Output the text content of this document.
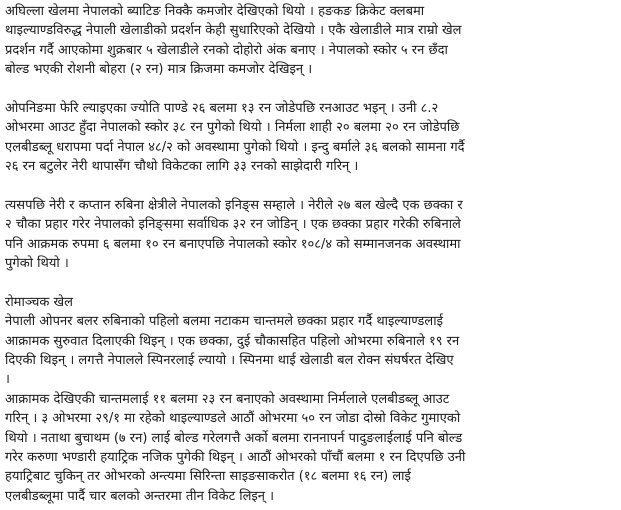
अघिल्ला खेलमा नेपालको ब्याटिङ निक्कै कमजोर देखिएको थियो । हङकङ क्रिकेट क्लबमा
थाइल्याण्डविरुद्ध नेपाली खेलाडीको प्रदर्शन केही सुधारिएको देखियो । एकै खेलाडीले मात्र राम्रो खेल
प्रदर्शन गर्दै आएकोमा शुक्रबार ५ खेलाडीले रनको दोहोरो अंक बनाए । नेपालको स्कोर ५ रन छँदा
बोल्ड भएकी रोशनी बोहरा (२ रन) मात्र क्रिजमा कमजोर देखिइन् ।

ओपनिङमा फेरि ल्याइएका ज्योति पाण्डे २६ बलमा १३ रन जोडेपछि रनआउट भइन् । उनी ८.२
ओभरमा आउट हुँदा नेपालको स्कोर ३८ रन पुगेको थियो । निर्मला शाही २० बलमा २० रन जोडेपछि
एलबीडब्लू धरापमा पर्दा नेपाल ४८/२ को अवस्थामा पुगेको थियो । इन्दु बर्माले ३६ बलको सामना गर्दै
२६ रन बटुलेर नेरी थापासँग चौथो विकेटका लागि ३३ रनको साझेदारी गरिन् ।

त्यसपछि नेरी र कप्तान रुबिना क्षेत्रीले नेपालको इनिङ्स सम्हाले । नेरीले २७ बल खेल्दै एक छक्का र
२ चौका प्रहार गरेर नेपालको इनिङ्समा सर्वाधिक ३२ रन जोडिन् । एक छक्का प्रहार गरेकी रुबिनाले
पनि आक्रमक रुपमा ६ बलमा १० रन बनाएपछि नेपालको स्कोर १०८/४ को सम्मानजनक अवस्थामा
पुगेको थियो ।

रोमाञ्चक खेल
नेपाली ओपनर बलर रुबिनाको पहिलो बलमा नटाकम चान्तमले छक्का प्रहार गर्दै थाइल्याण्डलाई
आक्रामक सुरुवात दिलाएकी थिइन् । एक छक्का, दुई चौकासहित पहिलो ओभरमा रुबिनाले १९ रन
दिएकी थिइन् । लगत्तै नेपालले स्पिनरलाई ल्यायो । स्पिनमा थाई खेलाडी बल रोक्न संघर्षरत देखिए
।
आक्रामक देखिएकी चान्तमलाई ११ बलमा २३ रन बनाएको अवस्थामा निर्मलाले एलबीडब्लू आउट
गरिन् । ३ ओभरमा २९/१ मा रहेको थाइल्याण्डले आठौं ओभरमा ५० रन जोडा दोस्रो विकेट गुमाएको
थियो । नताथा बुचाथम (७ रन) लाई बोल्ड गरेलगत्तै अर्को बलमा राननापर्न पादुङलाईलाई पनि बोल्ड
गरेर करुणा भण्डारी हयाट्रिक नजिक पुगेकी थिइन् । आठौं ओभरको पाँचौं बलमा १ रन दिएपछि उनी
हयाट्रिबाट चुकिन् तर ओभरको अन्त्यमा सिरिन्ता साइङसाकरोत (१८ बलमा १६ रन) लाई
एलबीडब्लूमा पार्दै चार बलको अन्तरमा तीन विकेट लिइन् ।
